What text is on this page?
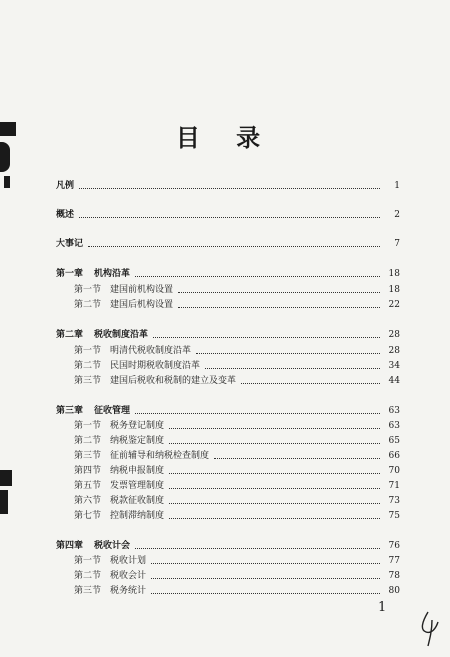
目 录
凡例	1
概述	2
大事记	7
第一章	机构沿革	18
第一节 建国前机构设置	18
第二节 建国后机构设置	22
第二章	税收制度沿革	28
第一节 明清代税收制度沿革	28
第二节 民国时期税收制度沿革	34
第三节 建国后税收和税制的建立及变革	44
第三章	征收管理	63
第一节 税务登记制度	63
第二节 纳税鉴定制度	65
第三节 征前辅导和纳税检查制度	66
第四节 纳税申报制度	70
第五节 发票管理制度	71
第六节 税款征收制度	73
第七节 控制滞纳制度	75
第四章	税收计会	76
第一节 税收计划	77
第二节 税收会计	78
第三节 税务统计	80
1
